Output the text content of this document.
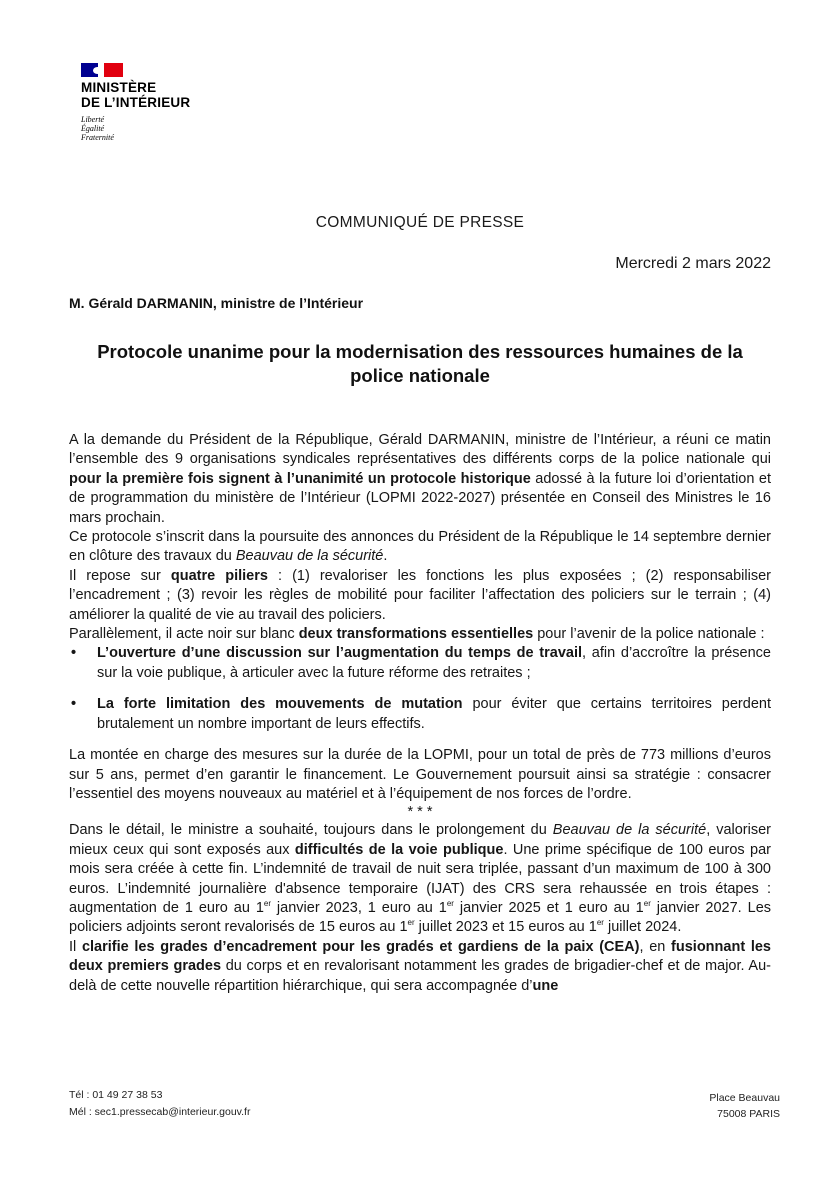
MINISTÈRE
DE L’INTÉRIEUR
Liberté
Égalité
Fraternité
COMMUNIQUÉ DE PRESSE
Mercredi 2 mars 2022
M. Gérald DARMANIN, ministre de l’Intérieur
Protocole unanime pour la modernisation des ressources humaines de la police nationale

A la demande du Président de la République, Gérald DARMANIN, ministre de l’Intérieur, a réuni ce matin l’ensemble des 9 organisations syndicales représentatives des différents corps de la police nationale qui pour la première fois signent à l’unanimité un protocole historique adossé à la future loi d’orientation et de programmation du ministère de l’Intérieur (LOPMI 2022-2027) présentée en Conseil des Ministres le 16 mars prochain.

Ce protocole s’inscrit dans la poursuite des annonces du Président de la République le 14 septembre dernier en clôture des travaux du Beauvau de la sécurité.

Il repose sur quatre piliers : (1) revaloriser les fonctions les plus exposées ; (2) responsabiliser l’encadrement ; (3) revoir les règles de mobilité pour faciliter l’affectation des policiers sur le terrain ; (4) améliorer la qualité de vie au travail des policiers.

Parallèlement, il acte noir sur blanc deux transformations essentielles pour l’avenir de la police nationale :

• L’ouverture d’une discussion sur l’augmentation du temps de travail, afin d’accroître la présence sur la voie publique, à articuler avec la future réforme des retraites ;
• La forte limitation des mouvements de mutation pour éviter que certains territoires perdent brutalement un nombre important de leurs effectifs.

La montée en charge des mesures sur la durée de la LOPMI, pour un total de près de 773 millions d’euros sur 5 ans, permet d’en garantir le financement. Le Gouvernement poursuit ainsi sa stratégie : consacrer l’essentiel des moyens nouveaux au matériel et à l’équipement de nos forces de l’ordre.

* * *

Dans le détail, le ministre a souhaité, toujours dans le prolongement du Beauvau de la sécurité, valoriser mieux ceux qui sont exposés aux difficultés de la voie publique. Une prime spécifique de 100 euros par mois sera créée à cette fin. L’indemnité de travail de nuit sera triplée, passant d’un maximum de 100 à 300 euros. L’indemnité journalière d'absence temporaire (IJAT) des CRS sera rehaussée en trois étapes : augmentation de 1 euro au 1er janvier 2023, 1 euro au 1er janvier 2025 et 1 euro au 1er janvier 2027. Les policiers adjoints seront revalorisés de 15 euros au 1er juillet 2023 et 15 euros au 1er juillet 2024.

Il clarifie les grades d’encadrement pour les gradés et gardiens de la paix (CEA), en fusionnant les deux premiers grades du corps et en revalorisant notamment les grades de brigadier-chef et de major. Au-delà de cette nouvelle répartition hiérarchique, qui sera accompagnée d’une

Tél : 01 49 27 38 53
Mél : sec1.pressecab@interieur.gouv.fr
Place Beauvau
75008 PARIS
